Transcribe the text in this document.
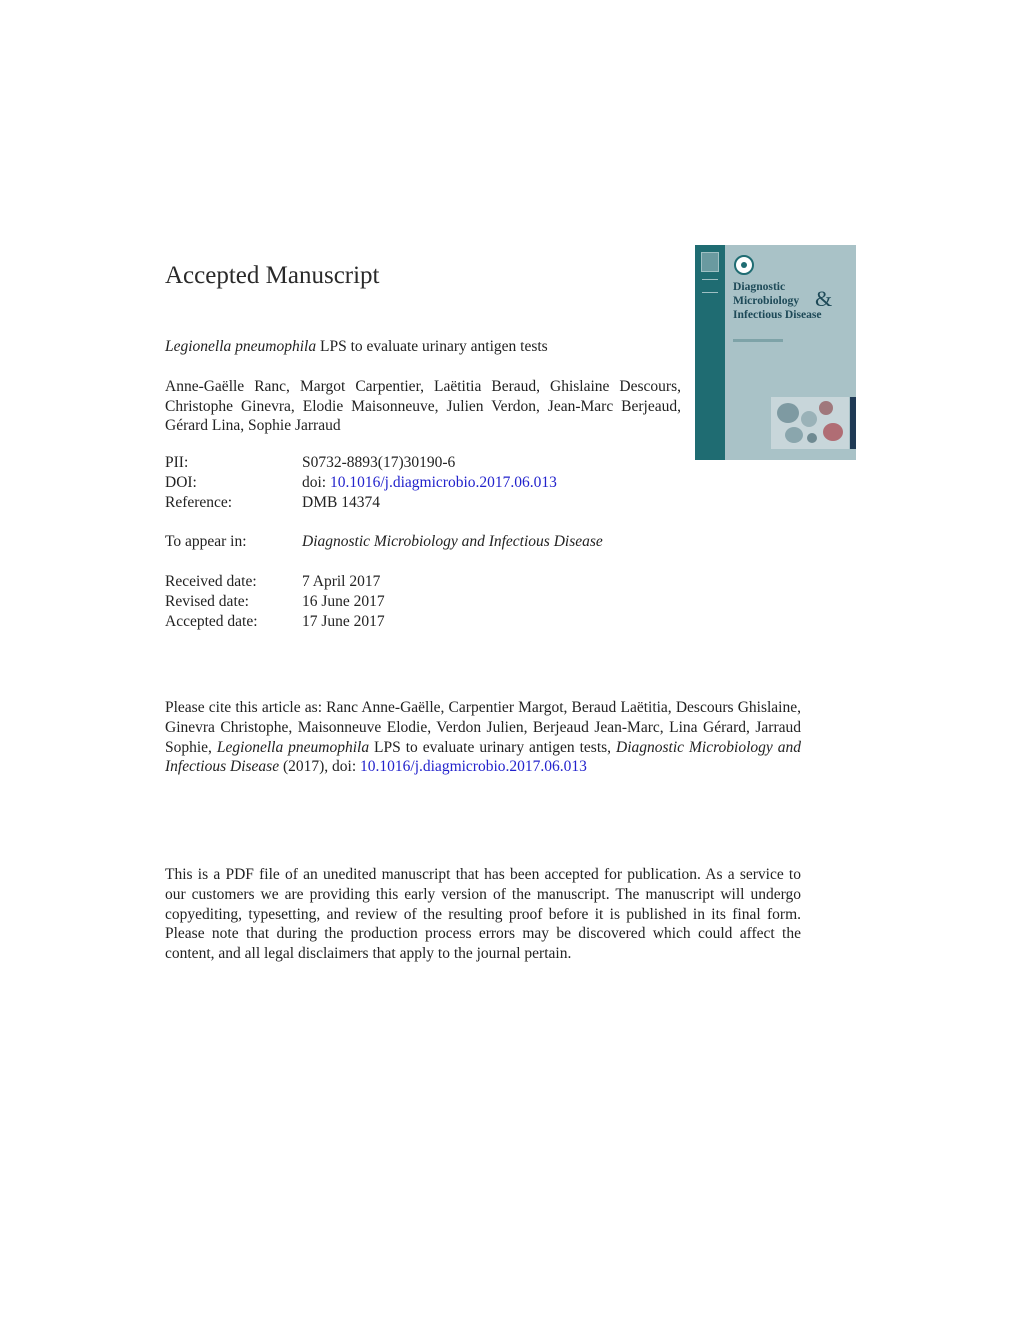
Accepted Manuscript

Legionella pneumophila LPS to evaluate urinary antigen tests

Anne-Gaëlle Ranc, Margot Carpentier, Laëtitia Beraud, Ghislaine Descours, Christophe Ginevra, Elodie Maisonneuve, Julien Verdon, Jean-Marc Berjeaud, Gérard Lina, Sophie Jarraud

PII:	S0732-8893(17)30190-6
DOI:	doi: 10.1016/j.diagmicrobio.2017.06.013
Reference:	DMB 14374
To appear in:	Diagnostic Microbiology and Infectious Disease
Received date:	7 April 2017
Revised date:	16 June 2017
Accepted date:	17 June 2017

Please cite this article as: Ranc Anne-Gaëlle, Carpentier Margot, Beraud Laëtitia, Descours Ghislaine, Ginevra Christophe, Maisonneuve Elodie, Verdon Julien, Berjeaud Jean-Marc, Lina Gérard, Jarraud Sophie, Legionella pneumophila LPS to evaluate urinary antigen tests, Diagnostic Microbiology and Infectious Disease (2017), doi: 10.1016/j.diagmicrobio.2017.06.013

This is a PDF file of an unedited manuscript that has been accepted for publication. As a service to our customers we are providing this early version of the manuscript. The manuscript will undergo copyediting, typesetting, and review of the resulting proof before it is published in its final form. Please note that during the production process errors may be discovered which could affect the content, and all legal disclaimers that apply to the journal pertain.

Diagnostic
Microbiology
Infectious Disease
&
